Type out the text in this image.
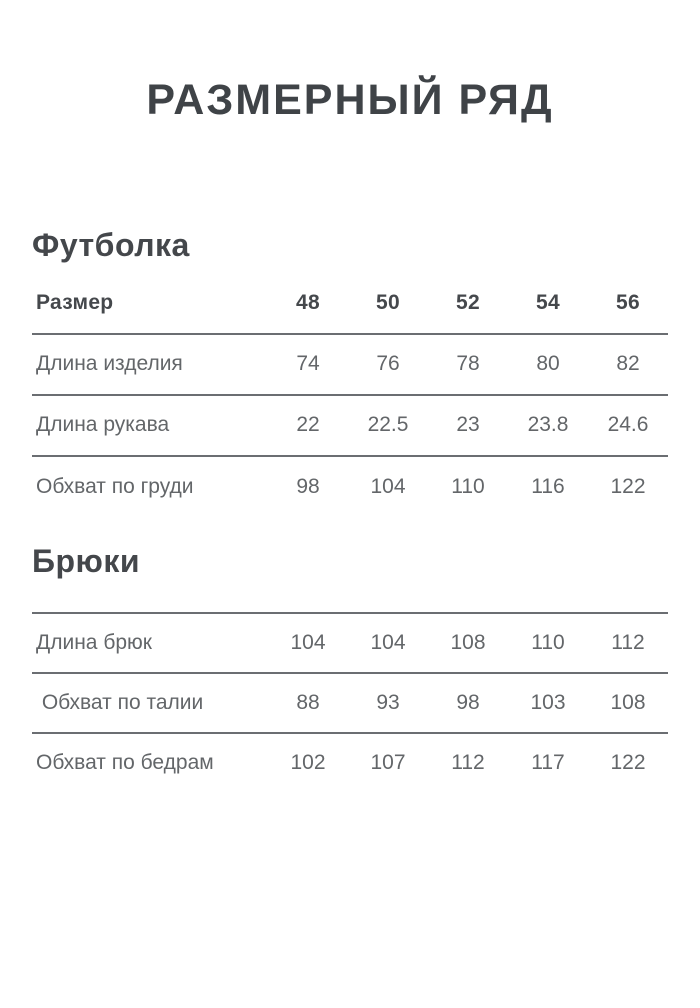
РАЗМЕРНЫЙ РЯД
Футболка
Размер	48	50	52	54	56
Длина изделия	74	76	78	80	82
Длина рукава	22	22.5	23	23.8	24.6
Обхват по груди	98	104	110	116	122
Брюки
Длина брюк	104	104	108	110	112
Обхват по талии	88	93	98	103	108
Обхват по бедрам	102	107	112	117	122
